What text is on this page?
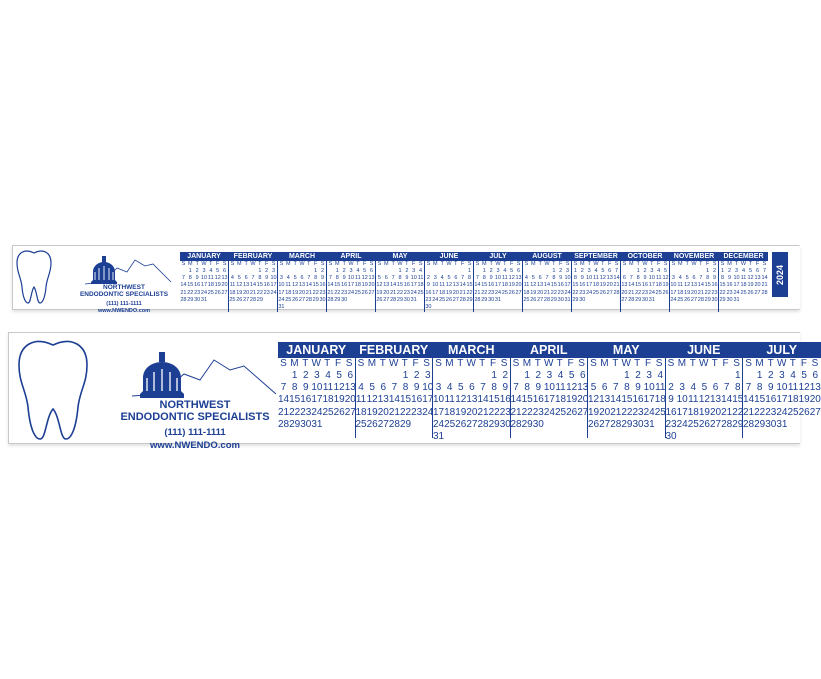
NORTHWEST
ENDODONTIC SPECIALISTS
(111) 111-1111
www.NWENDO.com
JANUARY
S M T W T F S
1 2 3 4 5 6
7 8 9 10 11 12 13
14 15 16 17 18 19 20
21 22 23 24 25 26 27
28 29 30 31
FEBRUARY
S M T W T F S
1 2 3
4 5 6 7 8 9 10
11 12 13 14 15 16 17
18 19 20 21 22 23 24
25 26 27 28 29
MARCH
S M T W T F S
1 2
3 4 5 6 7 8 9
10 11 12 13 14 15 16
17 18 19 20 21 22 23
24 25 26 27 28 29 30
31
APRIL
S M T W T F S
1 2 3 4 5 6
7 8 9 10 11 12 13
14 15 16 17 18 19 20
21 22 23 24 25 26 27
28 29 30
MAY
S M T W T F S
1 2 3 4
5 6 7 8 9 10 11
12 13 14 15 16 17 18
19 20 21 22 23 24 25
26 27 28 29 30 31
JUNE
S M T W T F S
1
2 3 4 5 6 7 8
9 10 11 12 13 14 15
16 17 18 19 20 21 22
23 24 25 26 27 28 29
30
JULY
S M T W T F S
1 2 3 4 5 6
7 8 9 10 11 12 13
14 15 16 17 18 19 20
21 22 23 24 25 26 27
28 29 30 31
AUGUST
S M T W T F S
1 2 3
4 5 6 7 8 9 10
11 12 13 14 15 16 17
18 19 20 21 22 23 24
25 26 27 28 29 30 31
SEPTEMBER
S M T W T F S
1 2 3 4 5 6 7
8 9 10 11 12 13 14
15 16 17 18 19 20 21
22 23 24 25 26 27 28
29 30
OCTOBER
S M T W T F S
1 2 3 4 5
6 7 8 9 10 11 12
13 14 15 16 17 18 19
20 21 22 23 24 25 26
27 28 29 30 31
NOVEMBER
S M T W T F S
1 2
3 4 5 6 7 8 9
10 11 12 13 14 15 16
17 18 19 20 21 22 23
24 25 26 27 28 29 30
DECEMBER
S M T W T F S
1 2 3 4 5 6 7
8 9 10 11 12 13 14
15 16 17 18 19 20 21
22 23 24 25 26 27 28
29 30 31
2024
NORTHWEST
ENDODONTIC SPECIALISTS
(111) 111-1111
www.NWENDO.com
JANUARY
S M T W T F S
1 2 3 4 5 6
7 8 9 10 11 12 13
14 15 16 17 18 19 20
21 22 23 24 25 26 27
28 29 30 31
FEBRUARY
S M T W T F S
1 2 3
4 5 6 7 8 9 10
11 12 13 14 15 16 17
18 19 20 21 22 23 24
25 26 27 28 29
MARCH
S M T W T F S
1 2
3 4 5 6 7 8 9
10 11 12 13 14 15 16
17 18 19 20 21 22 23
24 25 26 27 28 29 30
31
APRIL
S M T W T F S
1 2 3 4 5 6
7 8 9 10 11 12 13
14 15 16 17 18 19 20
21 22 23 24 25 26 27
28 29 30
MAY
S M T W T F S
1 2 3 4
5 6 7 8 9 10 11
12 13 14 15 16 17 18
19 20 21 22 23 24 25
26 27 28 29 30 31
JUNE
S M T W T F S
1
2 3 4 5 6 7 8
9 10 11 12 13 14 15
16 17 18 19 20 21 22
23 24 25 26 27 28 29
30
JULY
S M T W T F S
1 2 3 4 5 6
7 8 9 10 11 12 13
14 15 16 17 18 19 20
21 22 23 24 25 26 27
28 29 30 31
